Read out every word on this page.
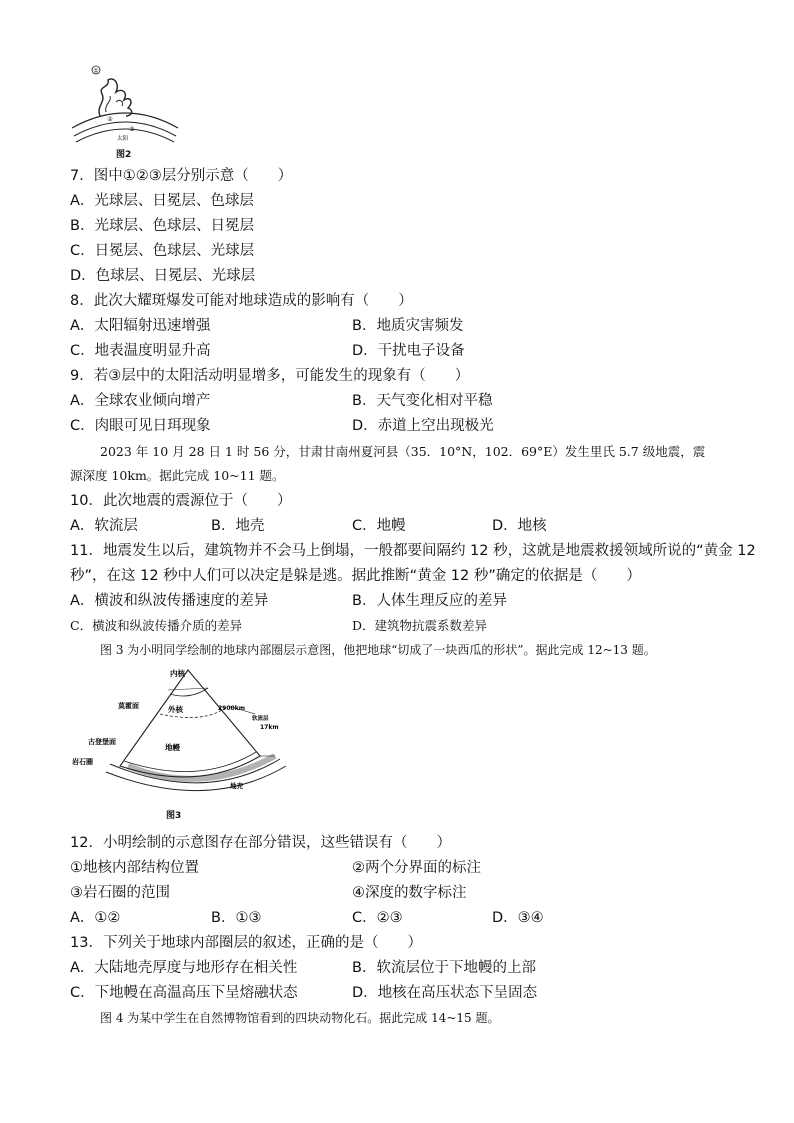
①
②
③
太阳
图2
7．图中①②③层分别示意（　　）
A．光球层、日冕层、色球层
B．光球层、色球层、日冕层
C．日冕层、色球层、光球层
D．色球层、日冕层、光球层
8．此次大耀斑爆发可能对地球造成的影响有（　　）
A．太阳辐射迅速增强	B．地质灾害频发
C．地表温度明显升高	D．干扰电子设备
9．若③层中的太阳活动明显增多，可能发生的现象有（　　）
A．全球农业倾向增产	B．天气变化相对平稳
C．肉眼可见日珥现象	D．赤道上空出现极光
2023 年 10 月 28 日 1 时 56 分，甘肃甘南州夏河县（35．10°N，102．69°E）发生里氏 5.7 级地震，震
源深度 10km。据此完成 10~11 题。
10．此次地震的震源位于（　　）
A．软流层	B．地壳	C．地幔	D．地核
11．地震发生以后，建筑物并不会马上倒塌，一般都要间隔约 12 秒，这就是地震救援领域所说的“黄金 12
秒”，在这 12 秒中人们可以决定是躲是逃。据此推断“黄金 12 秒”确定的依据是（　　）
A．横波和纵波传播速度的差异	B．人体生理反应的差异
C．横波和纵波传播介质的差异	D．建筑物抗震系数差异
图 3 为小明同学绘制的地球内部圈层示意图，他把地球“切成了一块西瓜的形状”。据此完成 12~13 题。
内核
外核
地幔
莫霍面
古登堡面
岩石圈
2900km
软流层
17km
地壳
图3
12．小明绘制的示意图存在部分错误，这些错误有（　　）
①地核内部结构位置	②两个分界面的标注
③岩石圈的范围	④深度的数字标注
A．①②	B．①③	C．②③	D．③④
13．下列关于地球内部圈层的叙述，正确的是（　　）
A．大陆地壳厚度与地形存在相关性	B．软流层位于下地幔的上部
C．下地幔在高温高压下呈熔融状态	D．地核在高压状态下呈固态
图 4 为某中学生在自然博物馆看到的四块动物化石。据此完成 14~15 题。
